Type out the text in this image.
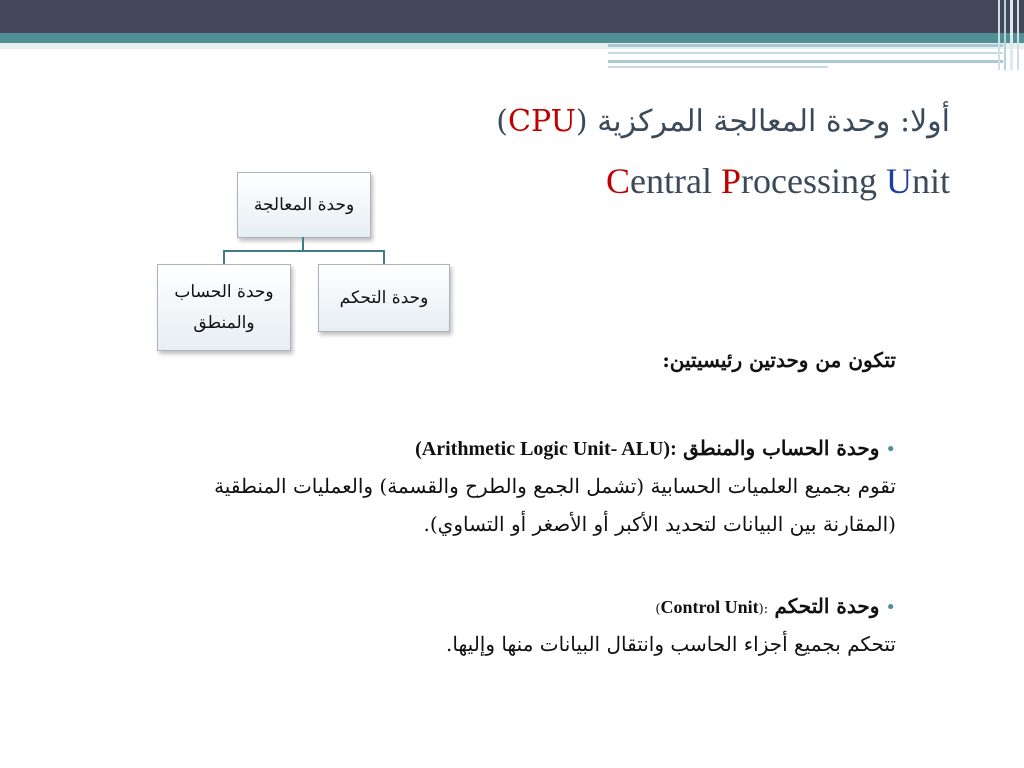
أولا: وحدة المعالجة المركزية (CPU)
Central Processing Unit
وحدة المعالجة
وحدة الحساب والمنطق
وحدة التحكم
تتكون من وحدتين رئيسيتين:
•وحدة الحساب والمنطق (Arithmetic Logic Unit- ALU):
تقوم بجميع العلميات الحسابية (تشمل الجمع والطرح والقسمة) والعمليات المنطقية
(المقارنة بين البيانات لتحديد الأكبر أو الأصغر أو التساوي).
•وحدة التحكم (Control Unit):
تتحكم بجميع أجزاء الحاسب وانتقال البيانات منها وإليها.
